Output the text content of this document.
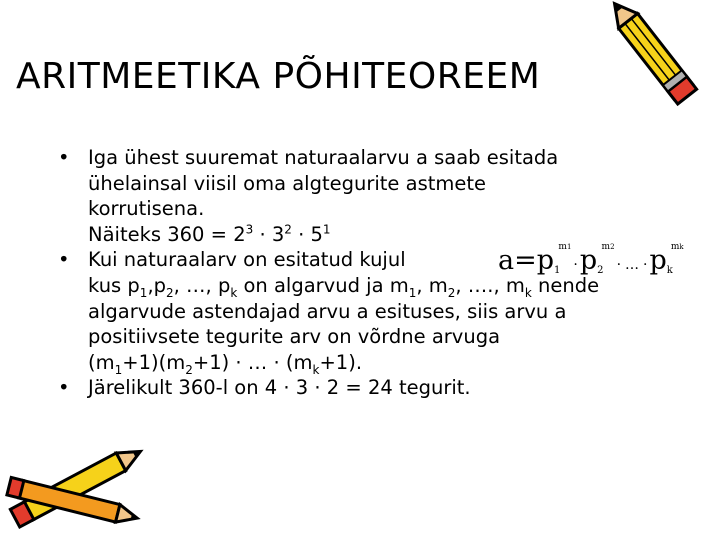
ARITMEETIKA PÕHITEOREEM
• Iga ühest suuremat naturaalarvu a saab esitada
ühelainsal viisil oma algtegurite astmete
korrutisena.
Näiteks $360 = 2^3 \cdot 3^2 \cdot 5^1$
• Kui naturaalarv on esitatud kujul	$a=p_1^{m1}\cdot p_2^{m2}\cdot$ … $\cdot p_k^{mk}$
kus $p_1,p_2$, …, $p_k$ on algarvud ja $m_1$, $m_2$, …., $m_k$ nende
algarvude astendajad arvu a esituses, siis arvu a
positiivsete tegurite arv on võrdne arvuga
$(m_1+1)(m_2+1)$ · … · $(m_k+1)$.
• Järelikult 360-l on 4 · 3 · 2 = 24 tegurit.
